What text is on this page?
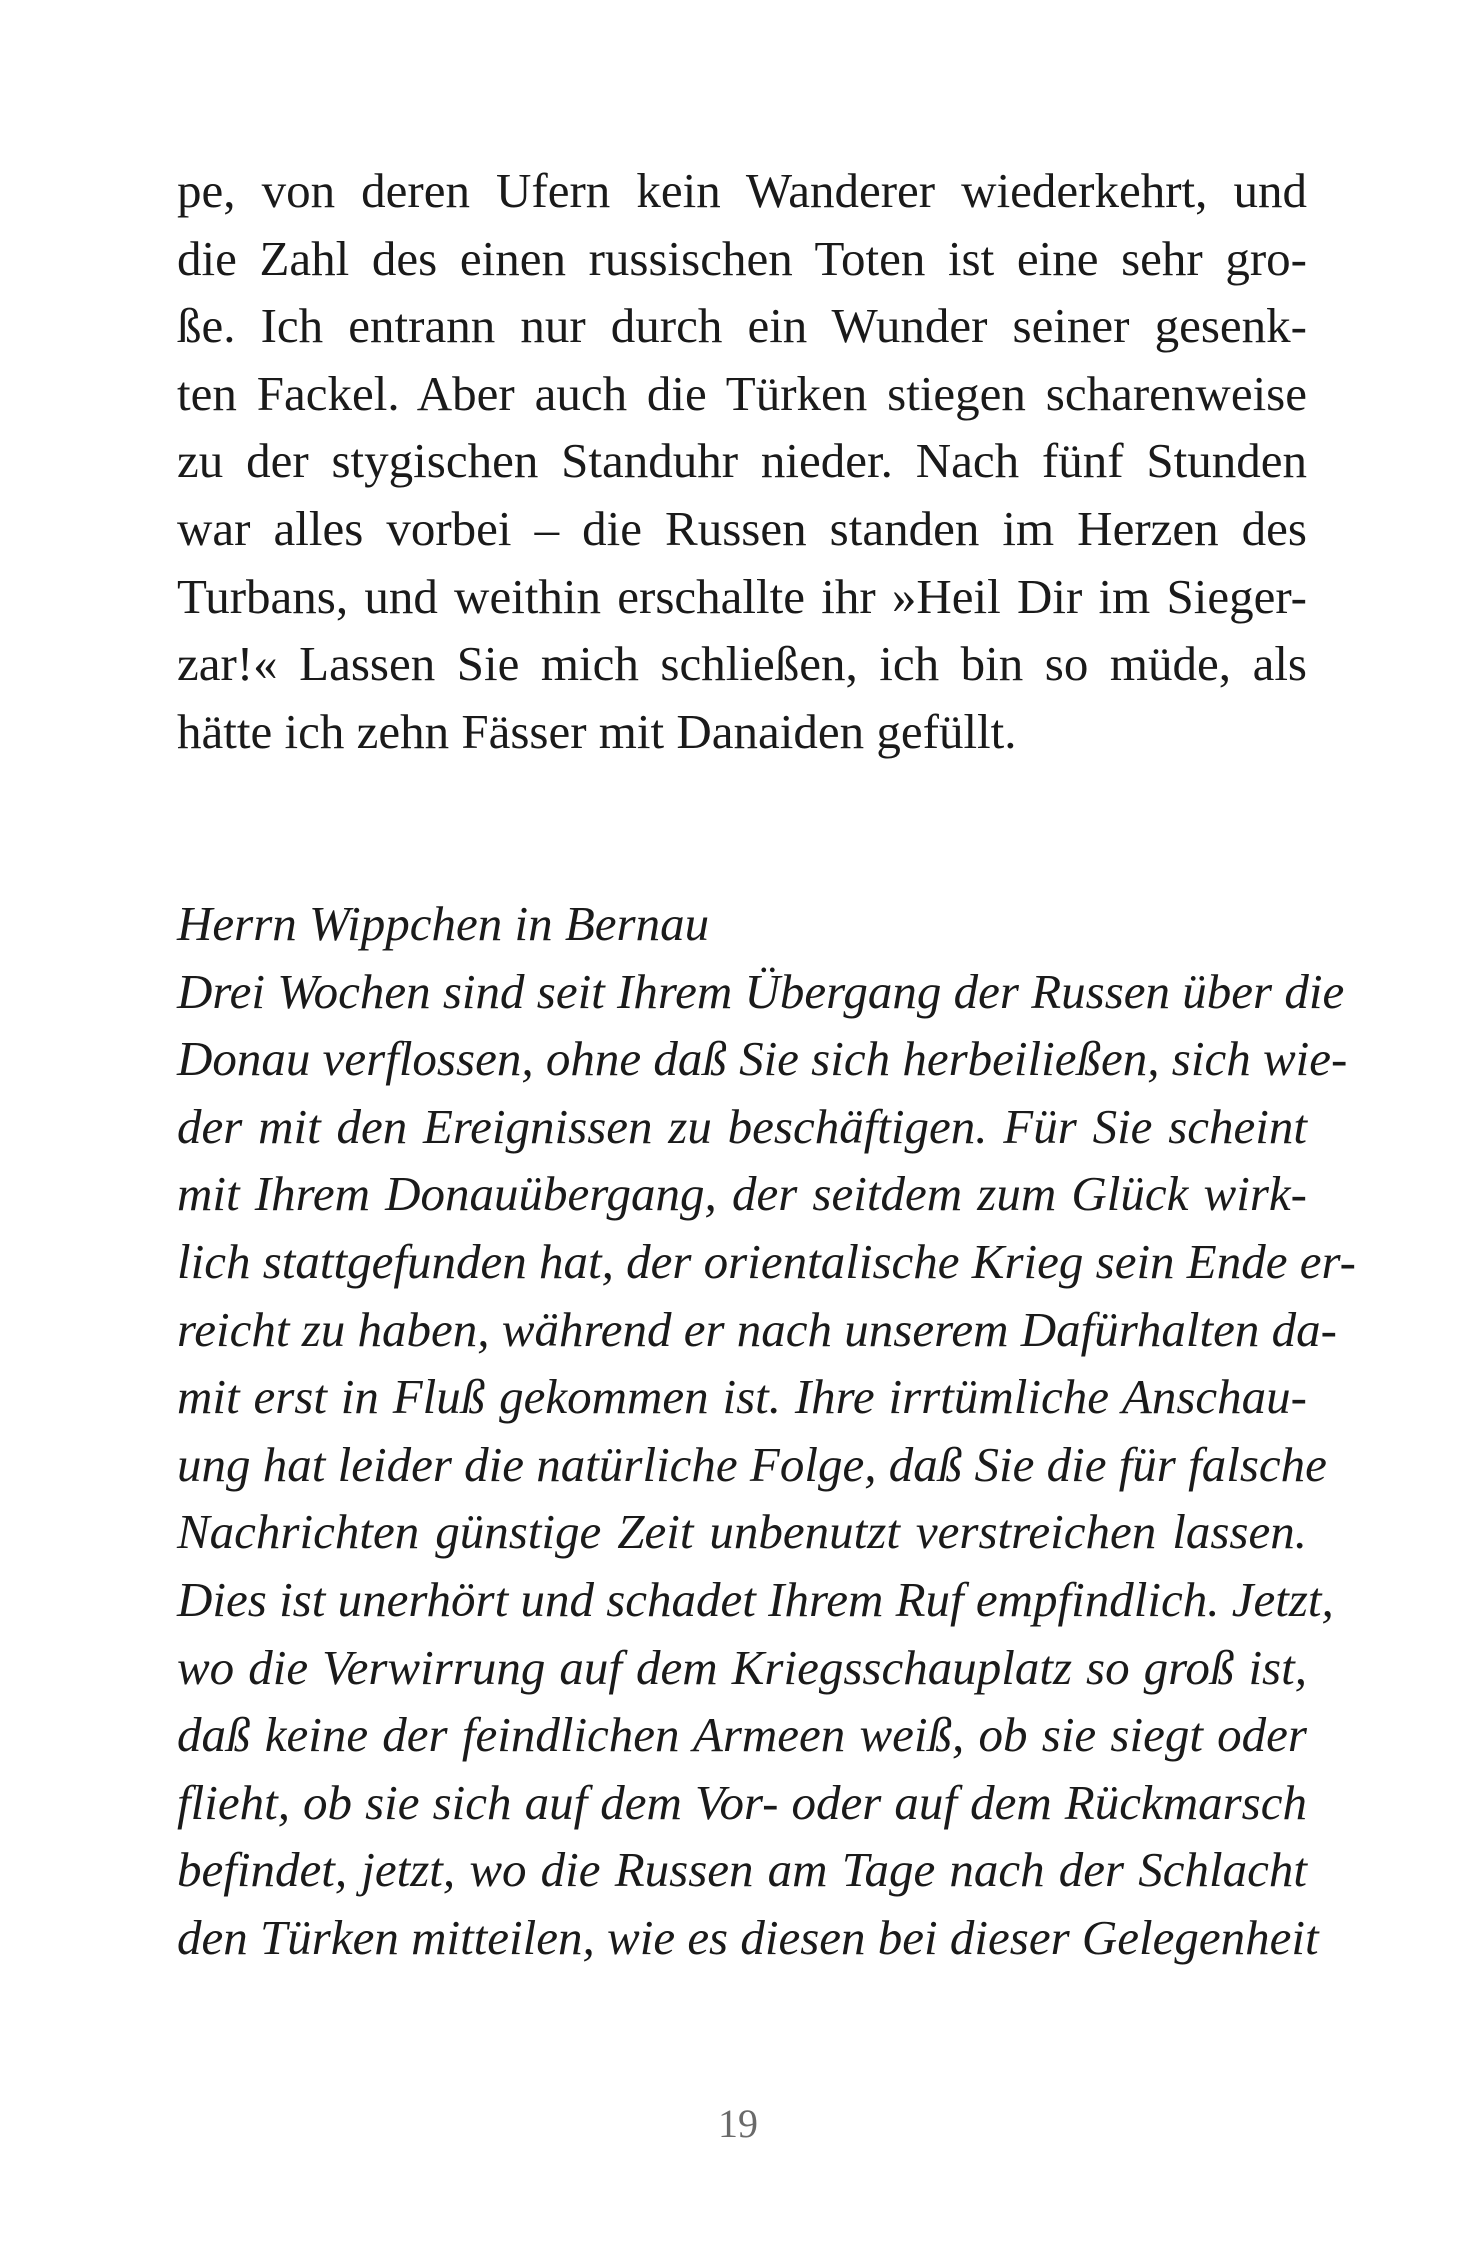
pe, von deren Ufern kein Wanderer wiederkehrt, und
die Zahl des einen russischen Toten ist eine sehr gro-
ße. Ich entrann nur durch ein Wunder seiner gesenk-
ten Fackel. Aber auch die Türken stiegen scharenweise
zu der stygischen Standuhr nieder. Nach fünf Stunden
war alles vorbei – die Russen standen im Herzen des
Turbans, und weithin erschallte ihr »Heil Dir im Sieger-
zar!« Lassen Sie mich schließen, ich bin so müde, als
hätte ich zehn Fässer mit Danaiden gefüllt.
Herrn Wippchen in Bernau
Drei Wochen sind seit Ihrem Übergang der Russen über die
Donau verflossen, ohne daß Sie sich herbeiließen, sich wie-
der mit den Ereignissen zu beschäftigen. Für Sie scheint
mit Ihrem Donauübergang, der seitdem zum Glück wirk-
lich stattgefunden hat, der orientalische Krieg sein Ende er-
reicht zu haben, während er nach unserem Dafürhalten da-
mit erst in Fluß gekommen ist. Ihre irrtümliche Anschau-
ung hat leider die natürliche Folge, daß Sie die für falsche
Nachrichten günstige Zeit unbenutzt verstreichen lassen.
Dies ist unerhört und schadet Ihrem Ruf empfindlich. Jetzt,
wo die Verwirrung auf dem Kriegsschauplatz so groß ist,
daß keine der feindlichen Armeen weiß, ob sie siegt oder
flieht, ob sie sich auf dem Vor- oder auf dem Rückmarsch
befindet, jetzt, wo die Russen am Tage nach der Schlacht
den Türken mitteilen, wie es diesen bei dieser Gelegenheit
19
